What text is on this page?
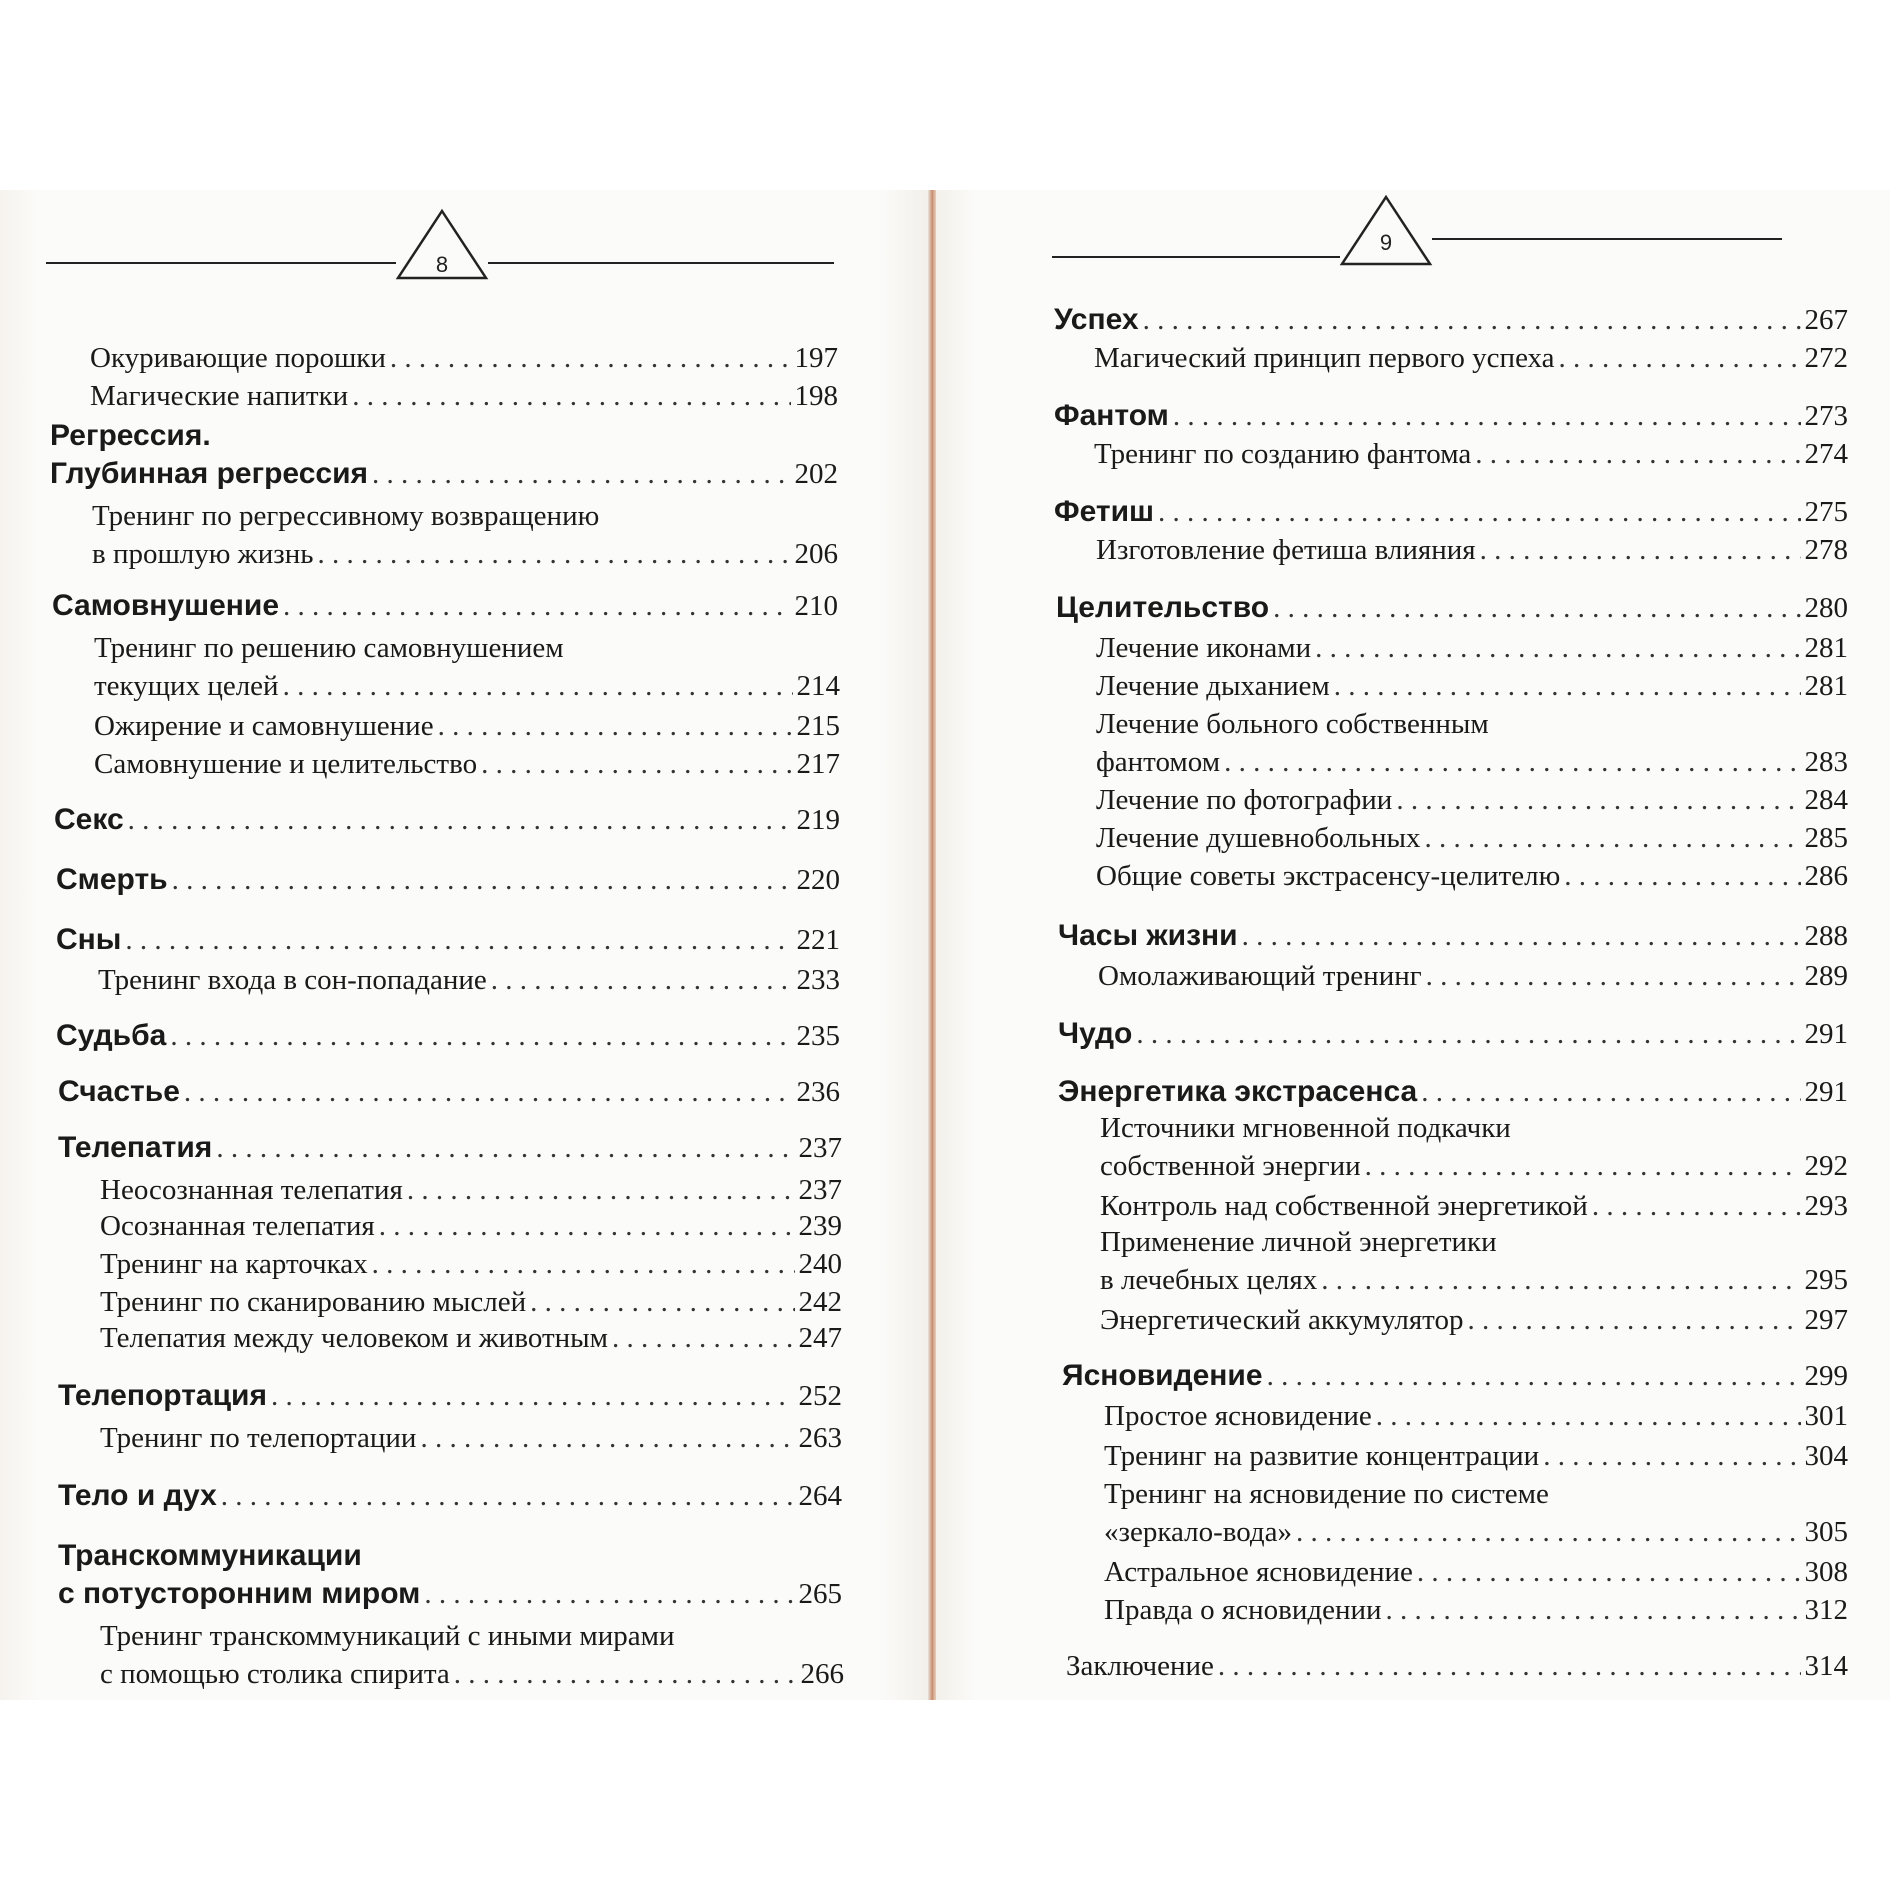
8
Окуривающие порошки . . .	197
Магические напитки . . .	198
Регрессия.
Глубинная регрессия . . .	202
Тренинг по регрессивному возвращению
в прошлую жизнь . . .	206
Самовнушение . . .	210
Тренинг по решению самовнушением
текущих целей . . .	214
Ожирение и самовнушение . . .	215
Самовнушение и целительство . . .	217
Секс . . .	219
Смерть . . .	220
Сны . . .	221
Тренинг входа в сон-попадание . . .	233
Судьба . . .	235
Счастье . . .	236
Телепатия . . .	237
Неосознанная телепатия . . .	237
Осознанная телепатия . . .	239
Тренинг на карточках . . .	240
Тренинг по сканированию мыслей . . .	242
Телепатия между человеком и животным . . .	247
Телепортация . . .	252
Тренинг по телепортации . . .	263
Тело и дух . . .	264
Транскоммуникации
с потусторонним миром . . .	265
Тренинг транскоммуникаций с иными мирами
с помощью столика спирита . . .	266
9
Успех . . .	267
Магический принцип первого успеха . . .	272
Фантом . . .	273
Тренинг по созданию фантома . . .	274
Фетиш . . .	275
Изготовление фетиша влияния . . .	278
Целительство . . .	280
Лечение иконами . . .	281
Лечение дыханием . . .	281
Лечение больного собственным
фантомом . . .	283
Лечение по фотографии . . .	284
Лечение душевнобольных . . .	285
Общие советы экстрасенсу-целителю . . .	286
Часы жизни . . .	288
Омолаживающий тренинг . . .	289
Чудо . . .	291
Энергетика экстрасенса . . .	291
Источники мгновенной подкачки
собственной энергии . . .	292
Контроль над собственной энергетикой . . .	293
Применение личной энергетики
в лечебных целях . . .	295
Энергетический аккумулятор . . .	297
Ясновидение . . .	299
Простое ясновидение . . .	301
Тренинг на развитие концентрации . . .	304
Тренинг на ясновидение по системе
«зеркало-вода» . . .	305
Астральное ясновидение . . .	308
Правда о ясновидении . . .	312
Заключение . . .	314
